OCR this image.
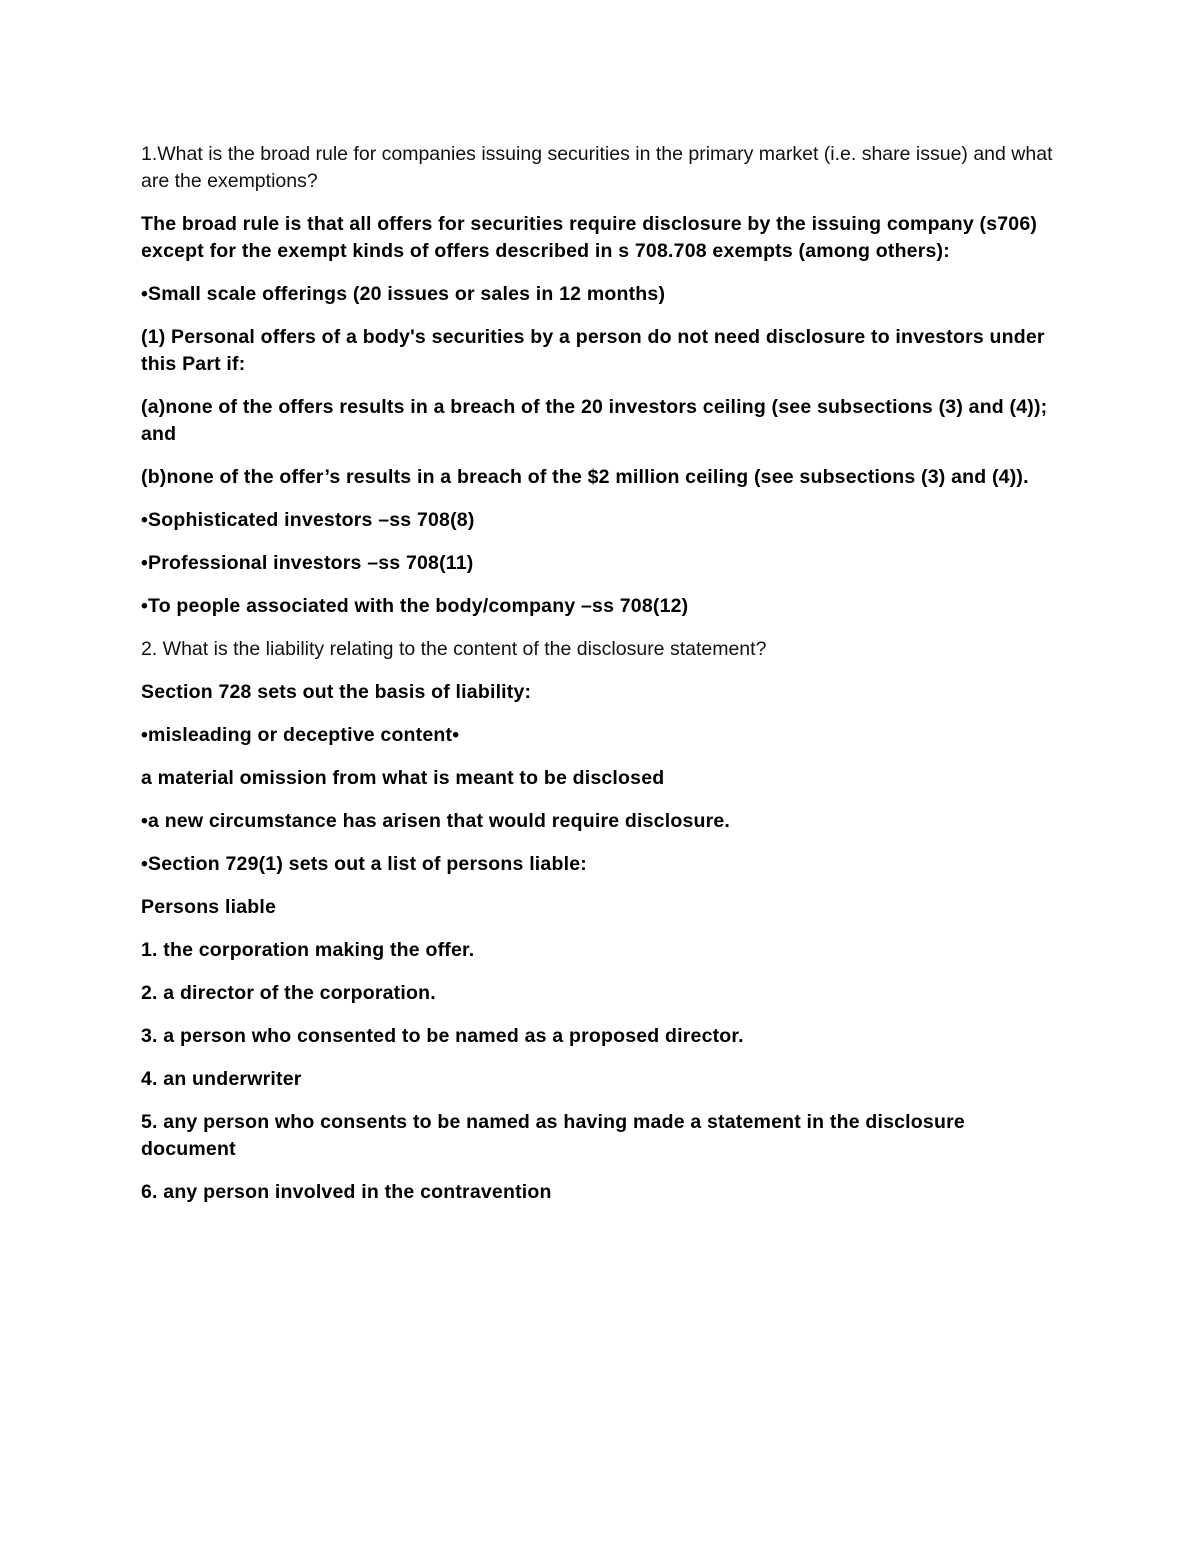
1.What is the broad rule for companies issuing securities in the primary market (i.e. share issue) and what are the exemptions?

The broad rule is that all offers for securities require disclosure by the issuing company (s706) except for the exempt kinds of offers described in s 708.708 exempts (among others):

•Small scale offerings (20 issues or sales in 12 months)

(1) Personal offers of a body's securities by a person do not need disclosure to investors under this Part if:

(a)none of the offers results in a breach of the 20 investors ceiling (see subsections (3) and (4)); and

(b)none of the offer’s results in a breach of the $2 million ceiling (see subsections (3) and (4)).

•Sophisticated investors –ss 708(8)

•Professional investors –ss 708(11)

•To people associated with the body/company –ss 708(12)

2. What is the liability relating to the content of the disclosure statement?

Section 728 sets out the basis of liability:

•misleading or deceptive content•

a material omission from what is meant to be disclosed

•a new circumstance has arisen that would require disclosure.

•Section 729(1) sets out a list of persons liable:

Persons liable

1. the corporation making the offer.

2. a director of the corporation.

3. a person who consented to be named as a proposed director.

4. an underwriter

5. any person who consents to be named as having made a statement in the disclosure document

6. any person involved in the contravention
